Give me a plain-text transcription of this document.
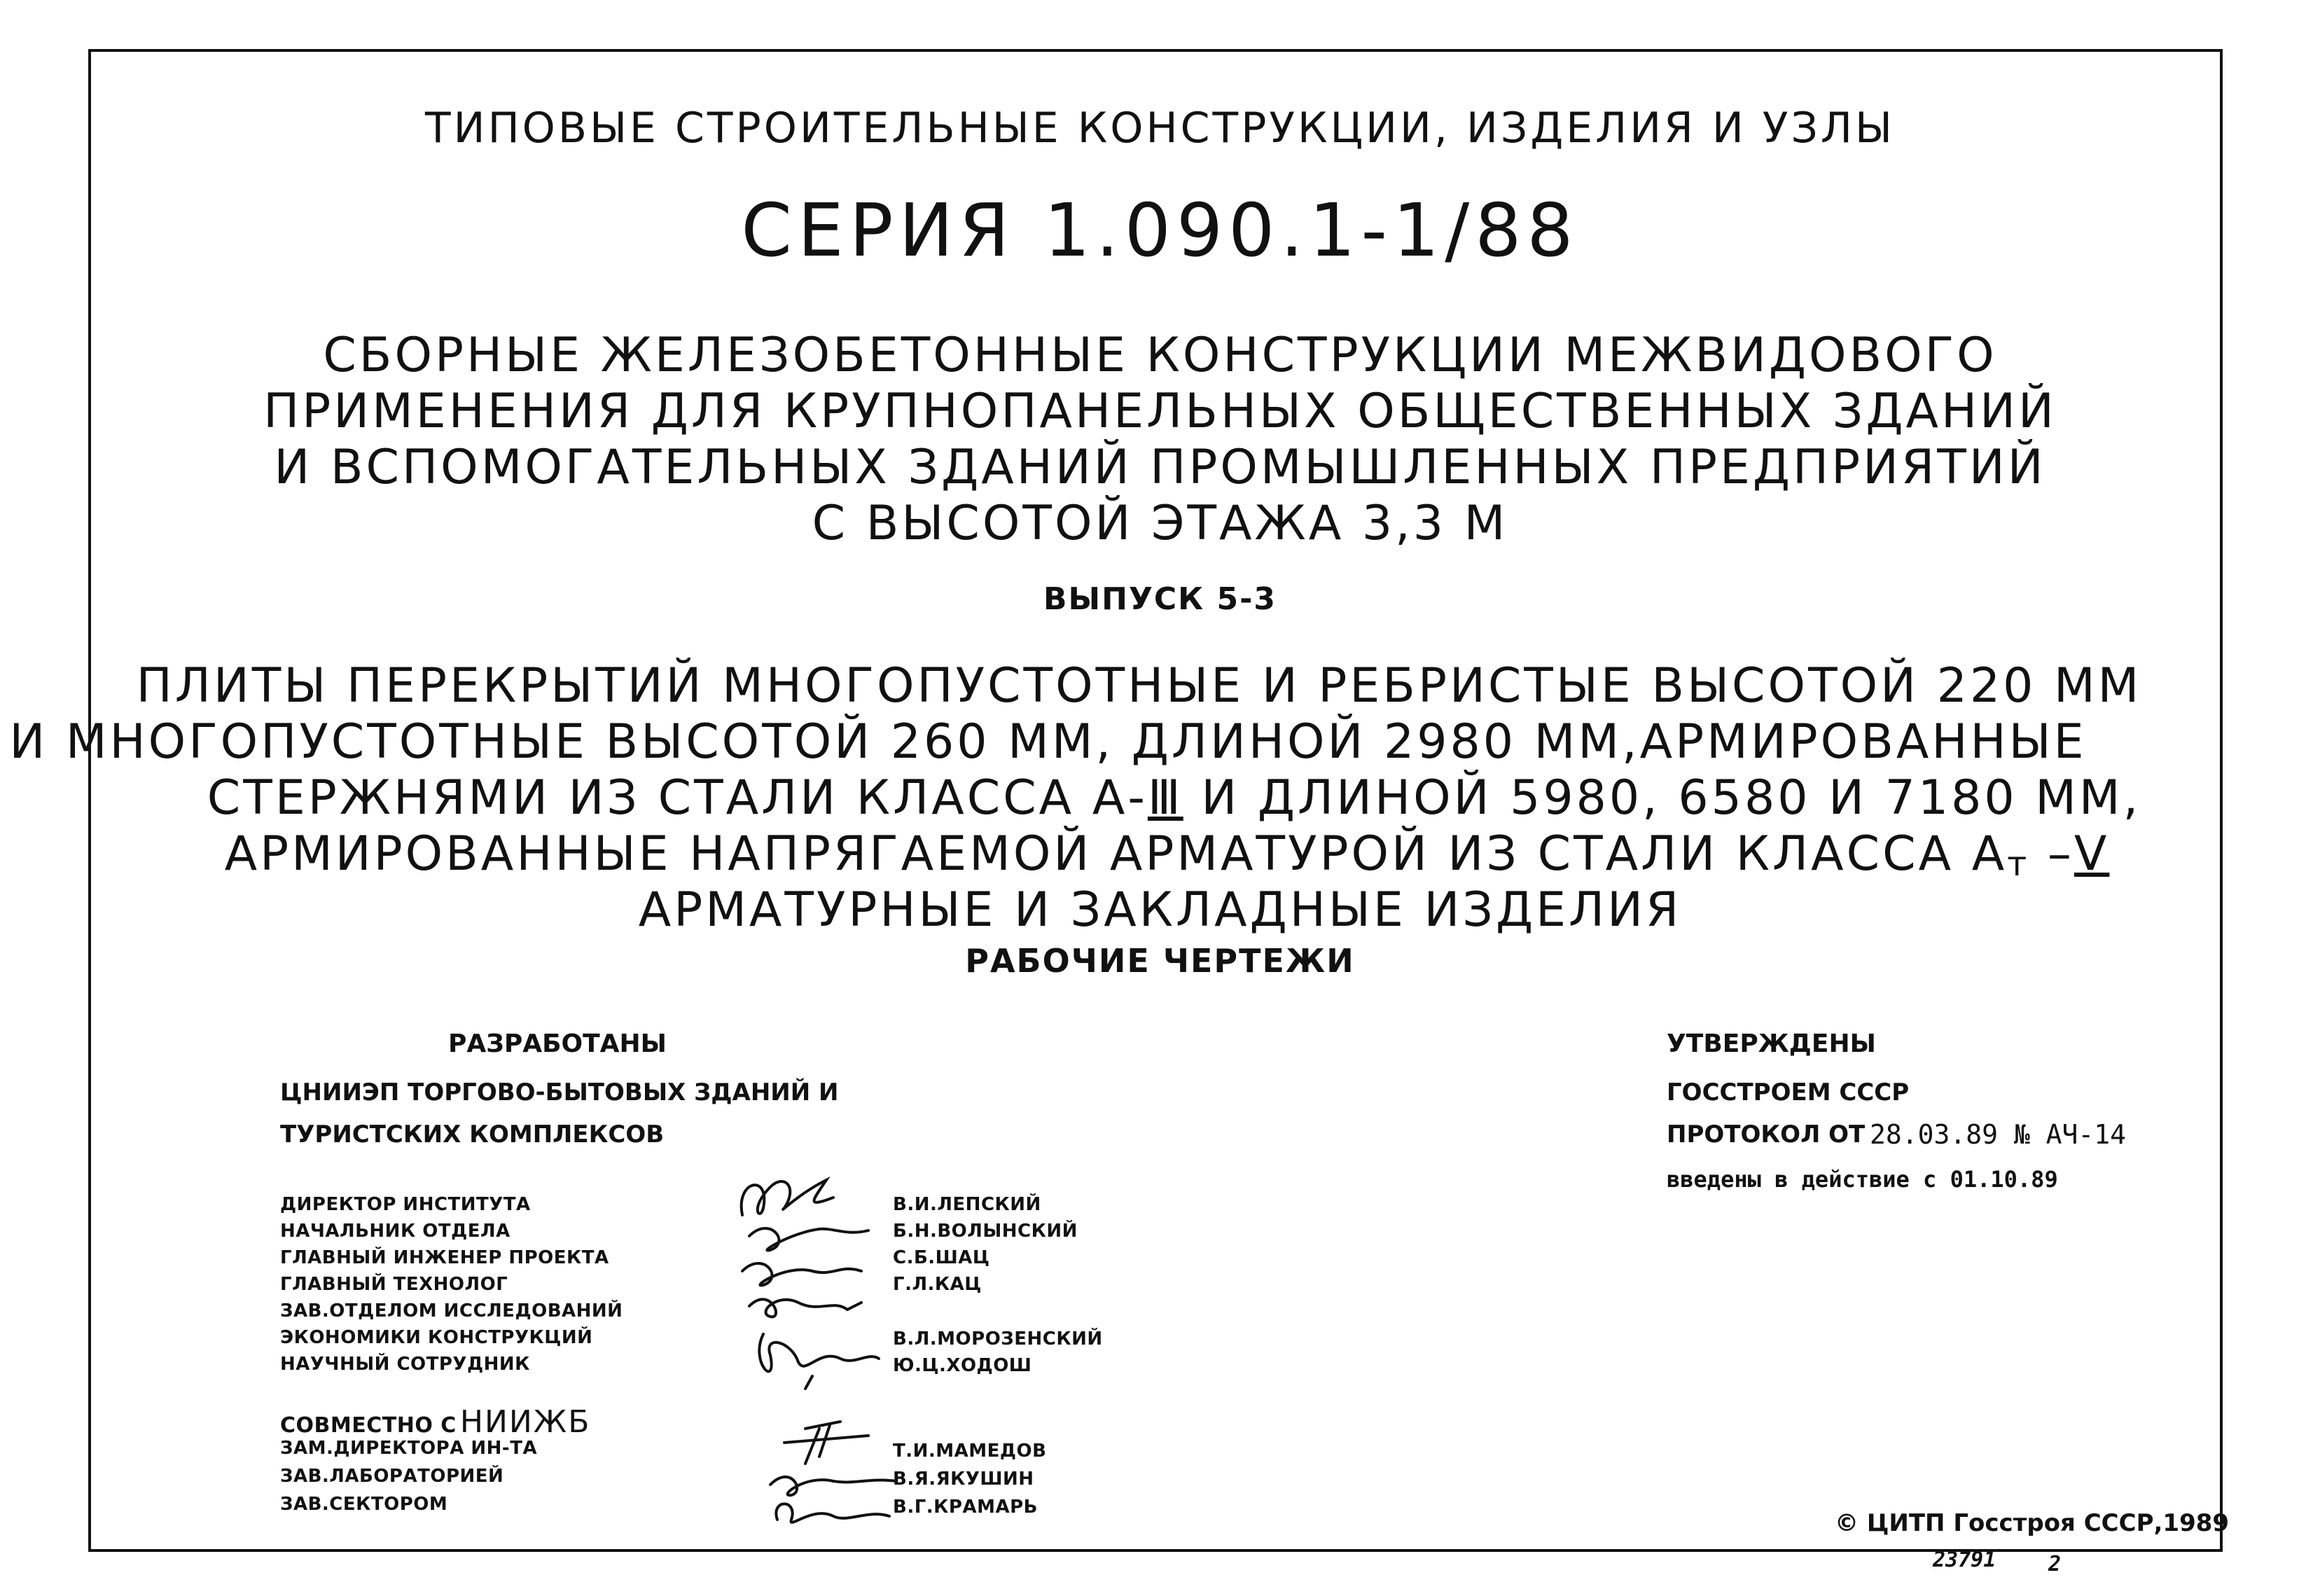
ТИПОВЫЕ СТРОИТЕЛЬНЫЕ КОНСТРУКЦИИ, ИЗДЕЛИЯ И УЗЛЫ
СЕРИЯ 1.090.1-1/88
СБОРНЫЕ ЖЕЛЕЗОБЕТОННЫЕ КОНСТРУКЦИИ МЕЖВИДОВОГО
ПРИМЕНЕНИЯ ДЛЯ КРУПНОПАНЕЛЬНЫХ ОБЩЕСТВЕННЫХ ЗДАНИЙ
И ВСПОМОГАТЕЛЬНЫХ ЗДАНИЙ ПРОМЫШЛЕННЫХ ПРЕДПРИЯТИЙ
С ВЫСОТОЙ ЭТАЖА 3,3 М
ВЫПУСК 5-3
ПЛИТЫ ПЕРЕКРЫТИЙ МНОГОПУСТОТНЫЕ И РЕБРИСТЫЕ ВЫСОТОЙ 220 ММ
И МНОГОПУСТОТНЫЕ ВЫСОТОЙ 260 ММ, ДЛИНОЙ 2980 ММ,АРМИРОВАННЫЕ
СТЕРЖНЯМИ ИЗ СТАЛИ КЛАССА А-Ⅲ И ДЛИНОЙ 5980, 6580 И 7180 ММ,
АРМИРОВАННЫЕ НАПРЯГАЕМОЙ АРМАТУРОЙ ИЗ СТАЛИ КЛАССА Ат –Ⅴ
АРМАТУРНЫЕ И ЗАКЛАДНЫЕ ИЗДЕЛИЯ
РАБОЧИЕ ЧЕРТЕЖИ
РАЗРАБОТАНЫ
ЦНИИЭП ТОРГОВО-БЫТОВЫХ ЗДАНИЙ И
ТУРИСТСКИХ КОМПЛЕКСОВ
УТВЕРЖДЕНЫ
ГОССТРОЕМ СССР
ПРОТОКОЛ ОТ 28.03.89 № АЧ-14
введены в действие с 01.10.89
ДИРЕКТОР ИНСТИТУТА
НАЧАЛЬНИК ОТДЕЛА
ГЛАВНЫЙ ИНЖЕНЕР ПРОЕКТА
ГЛАВНЫЙ ТЕХНОЛОГ
ЗАВ.ОТДЕЛОМ ИССЛЕДОВАНИЙ
ЭКОНОМИКИ КОНСТРУКЦИЙ
НАУЧНЫЙ СОТРУДНИК
В.И.ЛЕПСКИЙ
Б.Н.ВОЛЫНСКИЙ
С.Б.ШАЦ
Г.Л.КАЦ
В.Л.МОРОЗЕНСКИЙ
Ю.Ц.ХОДОШ
СОВМЕСТНО С НИИЖБ
ЗАМ.ДИРЕКТОРА ИН-ТА
ЗАВ.ЛАБОРАТОРИЕЙ
ЗАВ.СЕКТОРОМ
Т.И.МАМЕДОВ
В.Я.ЯКУШИН
В.Г.КРАМАРЬ
© ЦИТП Госстроя СССР,1989
23791 2
